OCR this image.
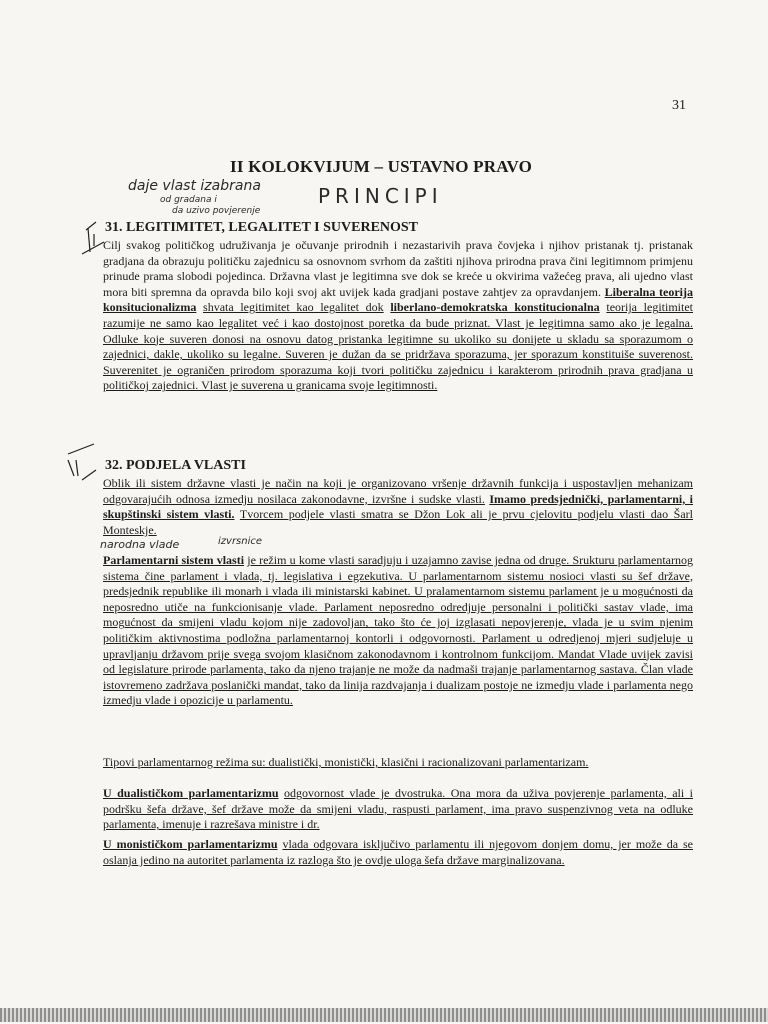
31
II KOLOKVIJUM – USTAVNO PRAVO
daje vlast izabrana
od gradana i
da uzivo povjerenje
PRINCIPI
31. LEGITIMITET, LEGALITET I SUVERENOST

Cilj svakog političkog udruživanja je očuvanje prirodnih i nezastarivih prava čovjeka i njihov pristanak tj. pristanak gradjana da obrazuju političku zajednicu sa osnovnom svrhom da zaštiti njihova prirodna prava čini legitimnom primjenu prinude prama slobodi pojedinca. Državna vlast je legitimna sve dok se kreće u okvirima važećeg prava, ali ujedno vlast mora biti spremna da opravda bilo koji svoj akt uvijek kada gradjani postave zahtjev za opravdanjem. Liberalna teorija konsitucionalizma shvata legitimitet kao legalitet dok liberlano-demokratska konstitucionalna teorija legitimitet razumije ne samo kao legalitet već i kao dostojnost poretka da bude priznat. Vlast je legitimna samo ako je legalna. Odluke koje suveren donosi na osnovu datog pristanka legitimne su ukoliko su donijete u skladu sa sporazumom o zajednici, dakle, ukoliko su legalne. Suveren je dužan da se pridržava sporazuma, jer sporazum konstituiše suverenost. Suverenitet je ograničen prirodom sporazuma koji tvori političku zajednicu i karakterom prirodnih prava gradjana u političkoj zajednici. Vlast je suverena u granicama svoje legitimnosti.

32. PODJELA VLASTI

Oblik ili sistem državne vlasti je način na koji je organizovano vršenje državnih funkcija i uspostavljen mehanizam odgovarajućih odnosa izmedju nosilaca zakonodavne, izvršne i sudske vlasti. Imamo predsjednički, parlamentarni, i skupštinski sistem vlasti. Tvorcem podjele vlasti smatra se Džon Lok ali je prvu cjelovitu podjelu vlasti dao Šarl Monteskje.

narodna vlade	izvrsnice

Parlamentarni sistem vlasti je režim u kome vlasti saradjuju i uzajamno zavise jedna od druge. Srukturu parlamentarnog sistema čine parlament i vlada, tj. legislativa i egzekutiva. U parlamentarnom sistemu nosioci vlasti su šef države, predsjednik republike ili monarh i vlada ili ministarski kabinet. U pralamentarnom sistemu parlament je u mogućnosti da neposredno utiče na funkcionisanje vlade. Parlament neposredno odredjuje personalni i politički sastav vlade, ima mogućnost da smijeni vladu kojom nije zadovoljan, tako što će joj izglasati nepovjerenje, vlada je u svim njenim političkim aktivnostima podložna parlamentarnoj kontorli i odgovornosti. Parlament u odredjenoj mjeri sudjeluje u upravljanju državom prije svega svojom klasičnom zakonodavnom i kontrolnom funkcijom. Mandat Vlade uvijek zavisi od legislature prirode parlamenta, tako da njeno trajanje ne može da nadmaši trajanje parlamentarnog sastava. Član vlade istovremeno zadržava poslanički mandat, tako da linija razdvajanja i dualizam postoje ne izmedju vlade i parlamenta nego izmedju vlade i opozicije u parlamentu.

Tipovi parlamentarnog režima su: dualistički, monistički, klasični i racionalizovani parlamentarizam.

U dualističkom parlamentarizmu odgovornost vlade je dvostruka. Ona mora da uživa povjerenje parlamenta, ali i podršku šefa države, šef države može da smijeni vladu, raspusti parlament, ima pravo suspenzivnog veta na odluke parlamenta, imenuje i razrešava ministre i dr.

U monističkom parlamentarizmu vlada odgovara isključivo parlamentu ili njegovom donjem domu, jer može da se oslanja jedino na autoritet parlamenta iz razloga što je ovdje uloga šefa države marginalizovana.
